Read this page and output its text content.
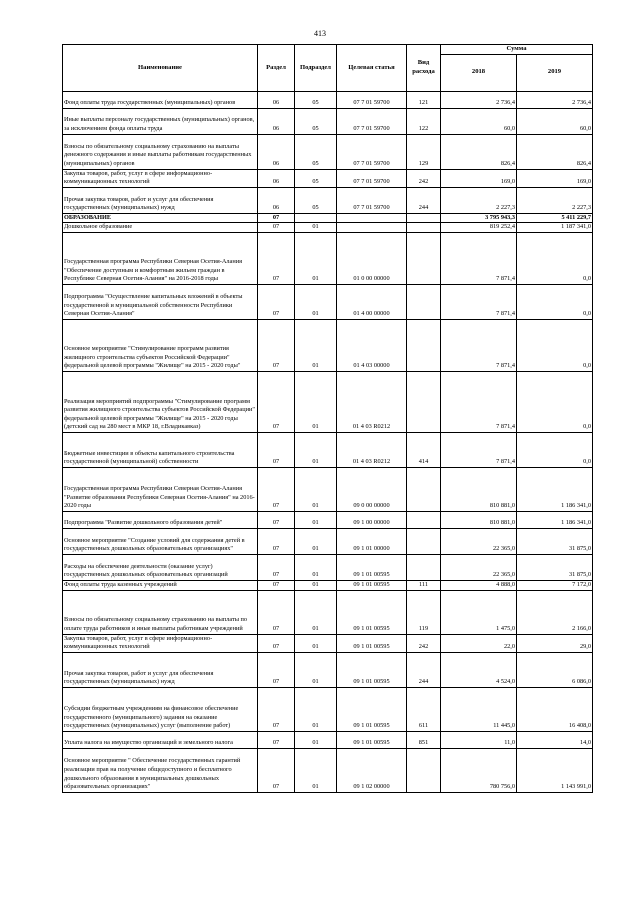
413
Наименование	Раздел	Подраздел	Целевая статья	Вид расхода	Сумма	
					2018	2019
Фонд оплаты труда государственных (муниципальных) органов	06	05	07 7 01 59700	121	2 736,4	2 736,4
Иные выплаты персоналу государственных (муниципальных) органов, за исключением фонда оплаты труда	06	05	07 7 01 59700	122	60,0	60,0
Взносы по обязательному социальному страхованию на выплаты денежного содержания и иные выплаты работникам государственных (муниципальных) органов	06	05	07 7 01 59700	129	826,4	826,4
Закупка товаров, работ, услуг в сфере информационно-коммуникационных технологий	06	05	07 7 01 59700	242	169,0	169,0
Прочая закупка товаров, работ и услуг для обеспечения государственных (муниципальных) нужд	06	05	07 7 01 59700	244	2 227,3	2 227,3
ОБРАЗОВАНИЕ	07				3 795 943,3	5 411 229,7
Дошкольное образование	07	01			819 252,4	1 187 341,0
Государственная программа Республики Северная Осетия-Алания "Обеспечение доступным и комфортным жильем граждан в Республике Северная Осетия-Алания" на 2016-2018 годы	07	01	01 0 00 00000		7 871,4	0,0
Подпрограмма "Осуществление капитальных вложений в объекты государственной и муниципальной собственности Республики Северная Осетия-Алания"	07	01	01 4 00 00000		7 871,4	0,0
Основное мероприятие "Стимулирование программ развития жилищного строительства субъектов Российской Федерации" федеральной целевой программы "Жилище" на 2015 - 2020 годы"	07	01	01 4 03 00000		7 871,4	0,0
Реализация мероприятий подпрограммы "Стимулирование программ развития жилищного строительства субъектов Российской Федерации" федеральной целевой программы "Жилище" на 2015 - 2020 годы (детский сад на 280 мест в МКР 18, г.Владикавказ)	07	01	01 4 03 R0212		7 871,4	0,0
Бюджетные инвестиции в объекты капитального строительства государственной (муниципальной) собственности	07	01	01 4 03 R0212	414	7 871,4	0,0
Государственная программа Республики Северная Осетия-Алания "Развитие образования Республики Северная Осетия-Алания" на 2016-2020 годы	07	01	09 0 00 00000		810 881,0	1 186 341,0
Подпрограмма "Развитие дошкольного образования детей"	07	01	09 1 00 00000		810 881,0	1 186 341,0
Основное мероприятие "Создание условий для содержания детей в государственных дошкольных образовательных организациях"	07	01	09 1 01 00000		22 365,0	31 875,0
Расходы на обеспечение деятельности (оказание услуг) государственных дошкольных образовательных организаций	07	01	09 1 01 00595		22 365,0	31 875,0
Фонд оплаты труда казенных учреждений	07	01	09 1 01 00595	111	4 888,0	7 172,0
Взносы по обязательному социальному страхованию на выплаты по оплате труда работников и иные выплаты работникам учреждений	07	01	09 1 01 00595	119	1 475,0	2 166,0
Закупка товаров, работ, услуг в сфере информационно-коммуникационных технологий	07	01	09 1 01 00595	242	22,0	29,0
Прочая закупка товаров, работ и услуг для обеспечения государственных (муниципальных) нужд	07	01	09 1 01 00595	244	4 524,0	6 086,0
Субсидии бюджетным учреждениям на финансовое обеспечение государственного (муниципального) задания на оказание государственных (муниципальных) услуг (выполнение работ)	07	01	09 1 01 00595	611	11 445,0	16 408,0
Уплата налога на имущество организаций и земельного налога	07	01	09 1 01 00595	851	11,0	14,0
Основное мероприятие " Обеспечение государственных гарантий реализации прав на получение общедоступного и бесплатного дошкольного образования в муниципальных дошкольных образовательных организациях"	07	01	09 1 02 00000		780 756,0	1 143 991,0
